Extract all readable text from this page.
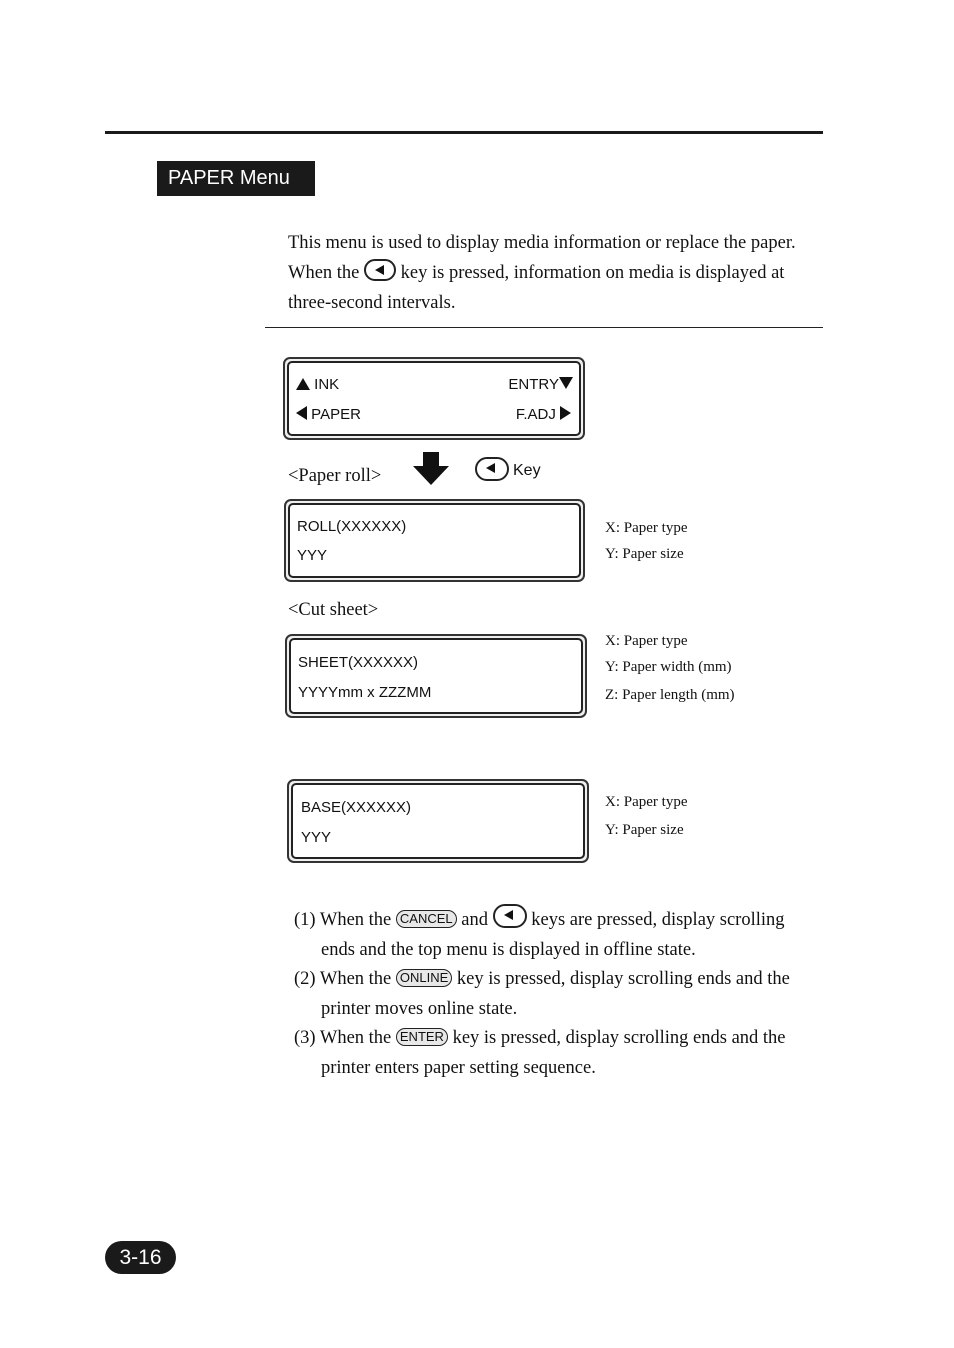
PAPER Menu
This menu is used to display media information or replace the paper.
When the key is pressed, information on media is displayed at
three-second intervals.
INK	ENTRY
PAPER	F.ADJ
<Paper roll>	Key
ROLL(XXXXXX)
YYY
X: Paper type
Y: Paper size
<Cut sheet>
SHEET(XXXXXX)
YYYYmm x ZZZMM
X: Paper type
Y: Paper width (mm)
Z: Paper length (mm)
BASE(XXXXXX)
YYY
X: Paper type
Y: Paper size
(1) When the CANCEL and keys are pressed, display scrolling
ends and the top menu is displayed in offline state.
(2) When the ONLINE key is pressed, display scrolling ends and the
printer moves online state.
(3) When the ENTER key is pressed, display scrolling ends and the
printer enters paper setting sequence.
3-16
